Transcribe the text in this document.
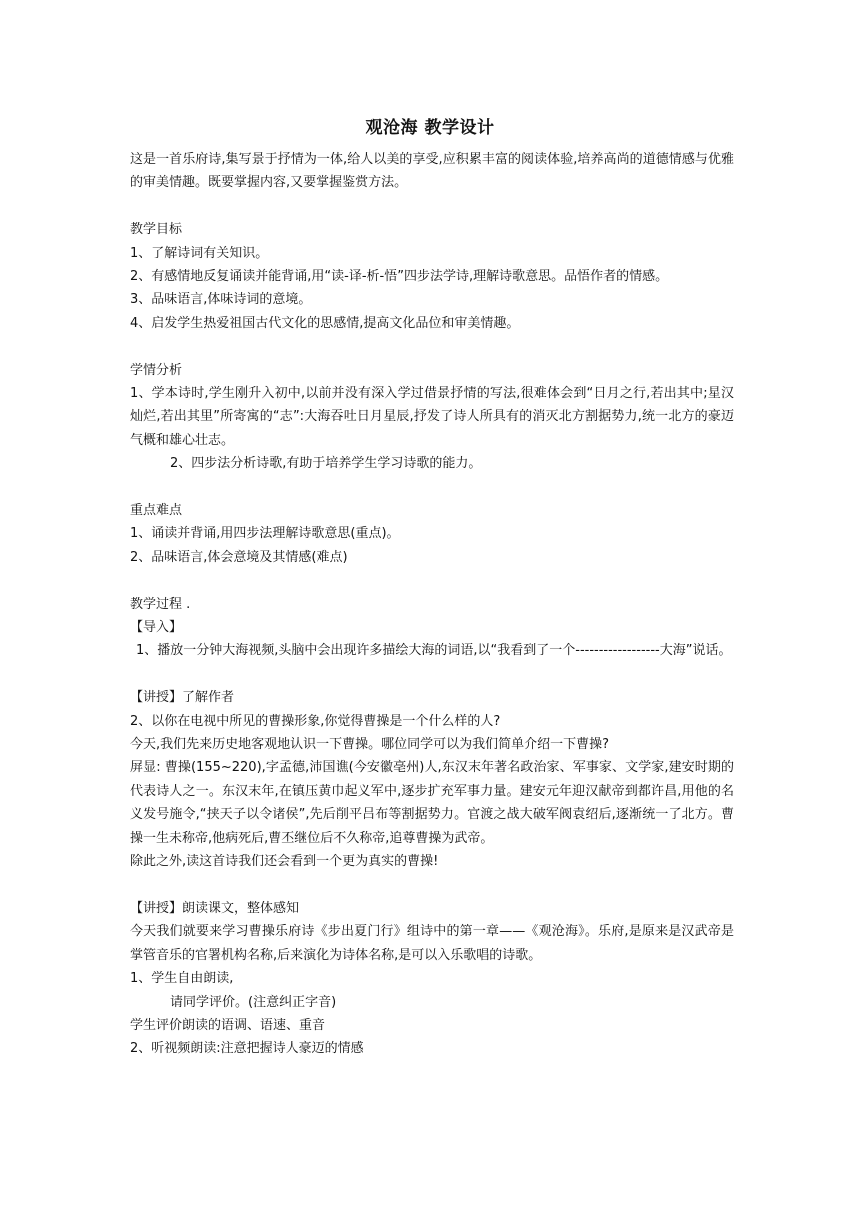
观沧海 教学设计

这是一首乐府诗,集写景于抒情为一体,给人以美的享受,应积累丰富的阅读体验,培养高尚的道德情感与优雅的审美情趣。既要掌握内容,又要掌握鉴赏方法。

教学目标

1、了解诗词有关知识。

2、有感情地反复诵读并能背诵,用“读-译-析-悟”四步法学诗,理解诗歌意思。品悟作者的情感。

3、品味语言,体味诗词的意境。

4、启发学生热爱祖国古代文化的思感情,提高文化品位和审美情趣。

学情分析

1、学本诗时,学生刚升入初中,以前并没有深入学过借景抒情的写法,很难体会到“日月之行,若出其中;星汉灿烂,若出其里”所寄寓的“志”:大海吞吐日月星辰,抒发了诗人所具有的消灭北方割据势力,统一北方的豪迈气概和雄心壮志。

2、四步法分析诗歌,有助于培养学生学习诗歌的能力。

重点难点

1、诵读并背诵,用四步法理解诗歌意思(重点)。

2、品味语言,体会意境及其情感(难点)

教学过程 .

【导入】

1、播放一分钟大海视频,头脑中会出现许多描绘大海的词语,以“我看到了一个------------------大海”说话。

【讲授】了解作者

2、以你在电视中所见的曹操形象,你觉得曹操是一个什么样的人?

今天,我们先来历史地客观地认识一下曹操。哪位同学可以为我们简单介绍一下曹操?

屏显: 曹操(155~220),字孟德,沛国谯(今安徽亳州)人,东汉末年著名政治家、军事家、文学家,建安时期的代表诗人之一。东汉末年,在镇压黄巾起义军中,逐步扩充军事力量。建安元年迎汉献帝到都许昌,用他的名义发号施令,“挟天子以令诸侯”,先后削平吕布等割据势力。官渡之战大破军阀袁绍后,逐渐统一了北方。曹操一生未称帝,他病死后,曹丕继位后不久称帝,追尊曹操为武帝。

除此之外,读这首诗我们还会看到一个更为真实的曹操!

【讲授】朗读课文，整体感知

今天我们就要来学习曹操乐府诗《步出夏门行》组诗中的第一章——《观沧海》。乐府,是原来是汉武帝是掌管音乐的官署机构名称,后来演化为诗体名称,是可以入乐歌唱的诗歌。

1、学生自由朗读,

请同学评价。(注意纠正字音)

学生评价朗读的语调、语速、重音

2、听视频朗读:注意把握诗人豪迈的情感
